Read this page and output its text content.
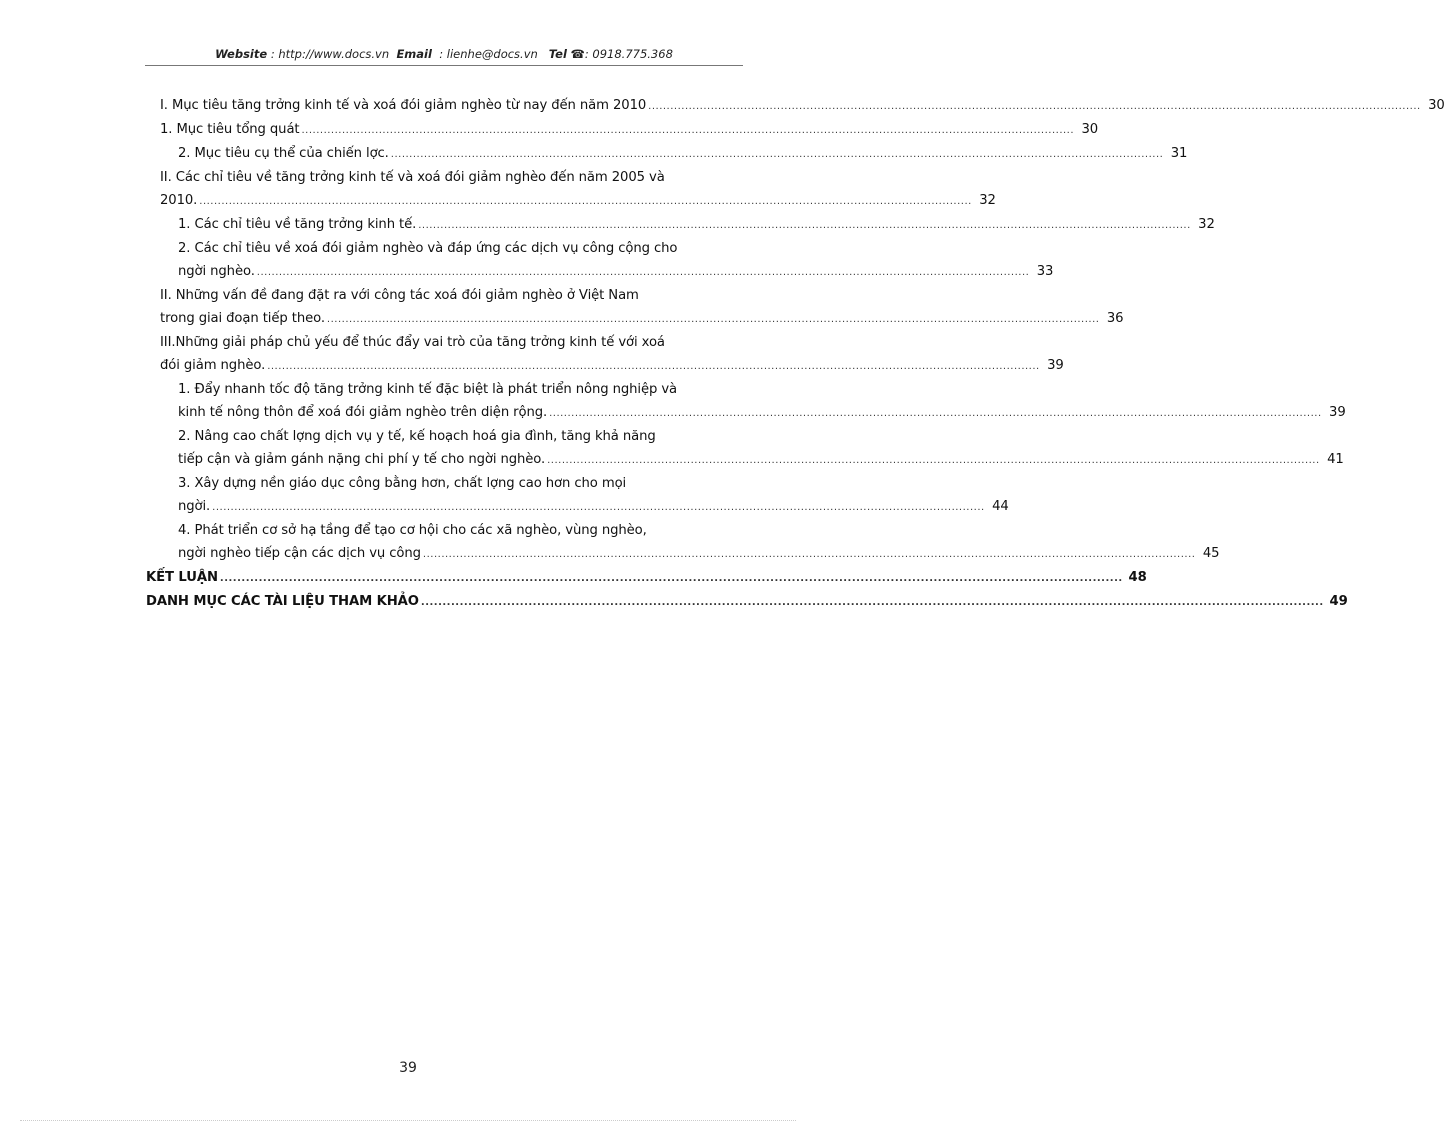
Website : http://www.docs.vn Email : lienhe@docs.vn Tel ☎: 0918.775.368
I. Mục tiêu tăng trởng kinh tế và xoá đói giảm nghèo từ nay đến năm 2010 .....	30
1. Mục tiêu tổng quát .....	30
2. Mục tiêu cụ thể của chiến lợc. .....	31
II. Các chỉ tiêu về tăng trởng kinh tế và xoá đói giảm nghèo đến năm 2005 và
2010. .....	32
1. Các chỉ tiêu về tăng trởng kinh tế. .....	32
2. Các chỉ tiêu về xoá đói giảm nghèo và đáp ứng các dịch vụ công cộng cho
ngời nghèo. .....	33
II. Những vấn đề đang đặt ra với công tác xoá đói giảm nghèo ở Việt Nam
trong giai đoạn tiếp theo. .....	36
III.Những giải pháp chủ yếu để thúc đẩy vai trò của tăng trởng kinh tế với xoá
đói giảm nghèo. .....	39
1. Đẩy nhanh tốc độ tăng trởng kinh tế đặc biệt là phát triển nông nghiệp và
kinh tế nông thôn để xoá đói giảm nghèo trên diện rộng. .....	39
2. Nâng cao chất lợng dịch vụ y tế, kế hoạch hoá gia đình, tăng khả năng
tiếp cận và giảm gánh nặng chi phí y tế cho ngời nghèo. .....	41
3. Xây dựng nền giáo dục công bằng hơn, chất lợng cao hơn cho mọi
ngời. .....	44
4. Phát triển cơ sở hạ tầng để tạo cơ hội cho các xã nghèo, vùng nghèo,
ngời nghèo tiếp cận các dịch vụ công .....	45
KẾT LUẬN .....	48
DANH MỤC CÁC TÀI LIỆU THAM KHẢO .....	49
39
